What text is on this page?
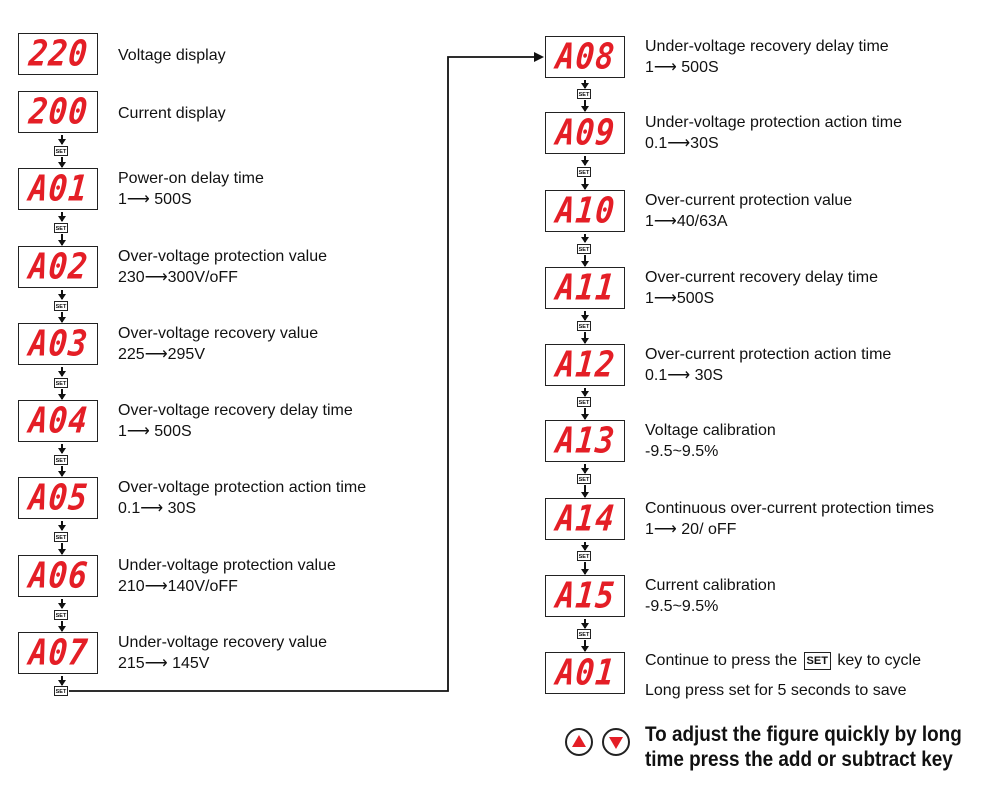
220 Voltage display
200 Current display
A01 Power-on delay time
1⟶ 500S
A02 Over-voltage protection value
230⟶300V/oFF
A03 Over-voltage recovery value
225⟶295V
A04 Over-voltage recovery delay time
1⟶ 500S
A05 Over-voltage protection action time
0.1⟶ 30S
A06 Under-voltage protection value
210⟶140V/oFF
A07 Under-voltage recovery value
215⟶ 145V
SET
SET
SET
SET
SET
SET
SET
SET
A08 Under-voltage recovery delay time
1⟶ 500S
A09 Under-voltage protection action time
0.1⟶30S
A10 Over-current protection value
1⟶40/63A
A11 Over-current recovery delay time
1⟶500S
A12 Over-current protection action time
0.1⟶ 30S
A13 Voltage calibration
-9.5~9.5%
A14 Continuous over-current protection times
1⟶ 20/ oFF
A15 Current calibration
-9.5~9.5%
A01
SET
SET
SET
SET
SET
SET
SET
SET
Continue to press the SET key to cycle
Long press set for 5 seconds to save
To adjust the figure quickly by long
time press the add or subtract key
